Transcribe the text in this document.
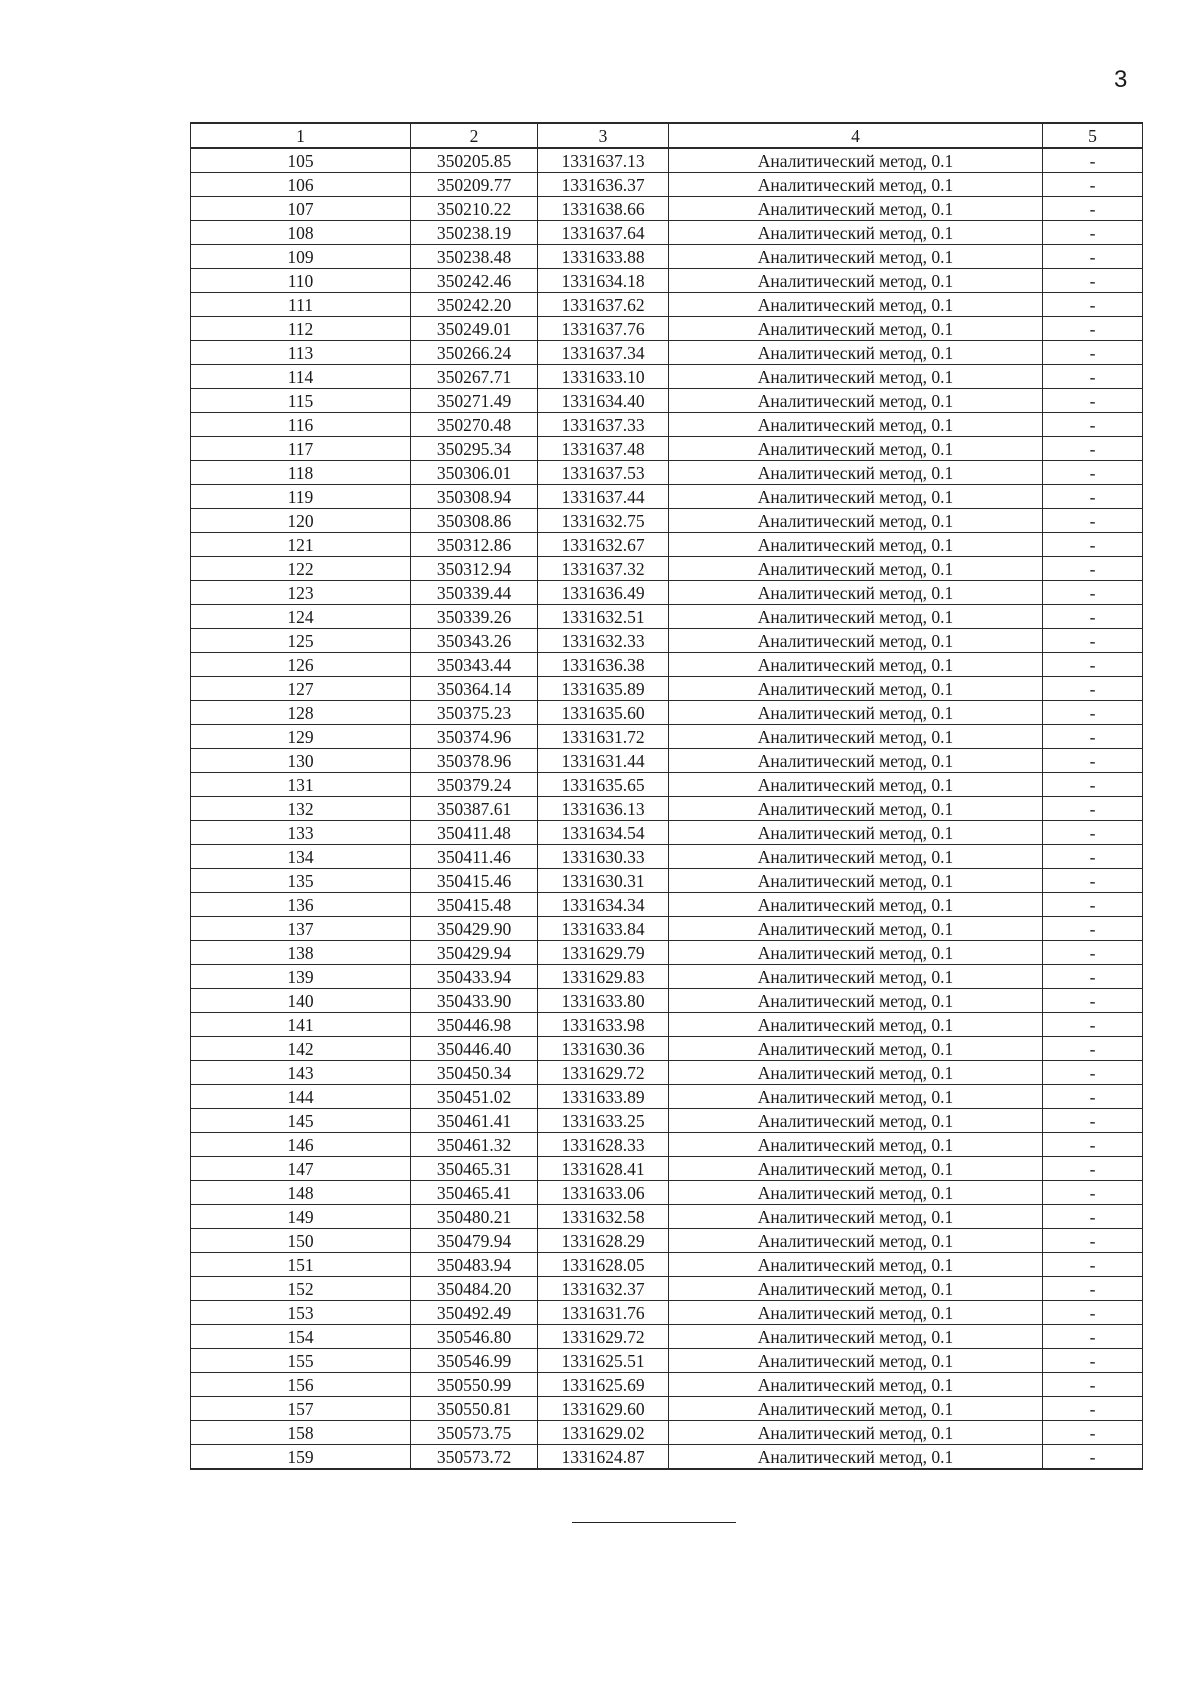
3
1	2	3	4	5
105	350205.85	1331637.13	Аналитический метод, 0.1	-
106	350209.77	1331636.37	Аналитический метод, 0.1	-
107	350210.22	1331638.66	Аналитический метод, 0.1	-
108	350238.19	1331637.64	Аналитический метод, 0.1	-
109	350238.48	1331633.88	Аналитический метод, 0.1	-
110	350242.46	1331634.18	Аналитический метод, 0.1	-
111	350242.20	1331637.62	Аналитический метод, 0.1	-
112	350249.01	1331637.76	Аналитический метод, 0.1	-
113	350266.24	1331637.34	Аналитический метод, 0.1	-
114	350267.71	1331633.10	Аналитический метод, 0.1	-
115	350271.49	1331634.40	Аналитический метод, 0.1	-
116	350270.48	1331637.33	Аналитический метод, 0.1	-
117	350295.34	1331637.48	Аналитический метод, 0.1	-
118	350306.01	1331637.53	Аналитический метод, 0.1	-
119	350308.94	1331637.44	Аналитический метод, 0.1	-
120	350308.86	1331632.75	Аналитический метод, 0.1	-
121	350312.86	1331632.67	Аналитический метод, 0.1	-
122	350312.94	1331637.32	Аналитический метод, 0.1	-
123	350339.44	1331636.49	Аналитический метод, 0.1	-
124	350339.26	1331632.51	Аналитический метод, 0.1	-
125	350343.26	1331632.33	Аналитический метод, 0.1	-
126	350343.44	1331636.38	Аналитический метод, 0.1	-
127	350364.14	1331635.89	Аналитический метод, 0.1	-
128	350375.23	1331635.60	Аналитический метод, 0.1	-
129	350374.96	1331631.72	Аналитический метод, 0.1	-
130	350378.96	1331631.44	Аналитический метод, 0.1	-
131	350379.24	1331635.65	Аналитический метод, 0.1	-
132	350387.61	1331636.13	Аналитический метод, 0.1	-
133	350411.48	1331634.54	Аналитический метод, 0.1	-
134	350411.46	1331630.33	Аналитический метод, 0.1	-
135	350415.46	1331630.31	Аналитический метод, 0.1	-
136	350415.48	1331634.34	Аналитический метод, 0.1	-
137	350429.90	1331633.84	Аналитический метод, 0.1	-
138	350429.94	1331629.79	Аналитический метод, 0.1	-
139	350433.94	1331629.83	Аналитический метод, 0.1	-
140	350433.90	1331633.80	Аналитический метод, 0.1	-
141	350446.98	1331633.98	Аналитический метод, 0.1	-
142	350446.40	1331630.36	Аналитический метод, 0.1	-
143	350450.34	1331629.72	Аналитический метод, 0.1	-
144	350451.02	1331633.89	Аналитический метод, 0.1	-
145	350461.41	1331633.25	Аналитический метод, 0.1	-
146	350461.32	1331628.33	Аналитический метод, 0.1	-
147	350465.31	1331628.41	Аналитический метод, 0.1	-
148	350465.41	1331633.06	Аналитический метод, 0.1	-
149	350480.21	1331632.58	Аналитический метод, 0.1	-
150	350479.94	1331628.29	Аналитический метод, 0.1	-
151	350483.94	1331628.05	Аналитический метод, 0.1	-
152	350484.20	1331632.37	Аналитический метод, 0.1	-
153	350492.49	1331631.76	Аналитический метод, 0.1	-
154	350546.80	1331629.72	Аналитический метод, 0.1	-
155	350546.99	1331625.51	Аналитический метод, 0.1	-
156	350550.99	1331625.69	Аналитический метод, 0.1	-
157	350550.81	1331629.60	Аналитический метод, 0.1	-
158	350573.75	1331629.02	Аналитический метод, 0.1	-
159	350573.72	1331624.87	Аналитический метод, 0.1	-
